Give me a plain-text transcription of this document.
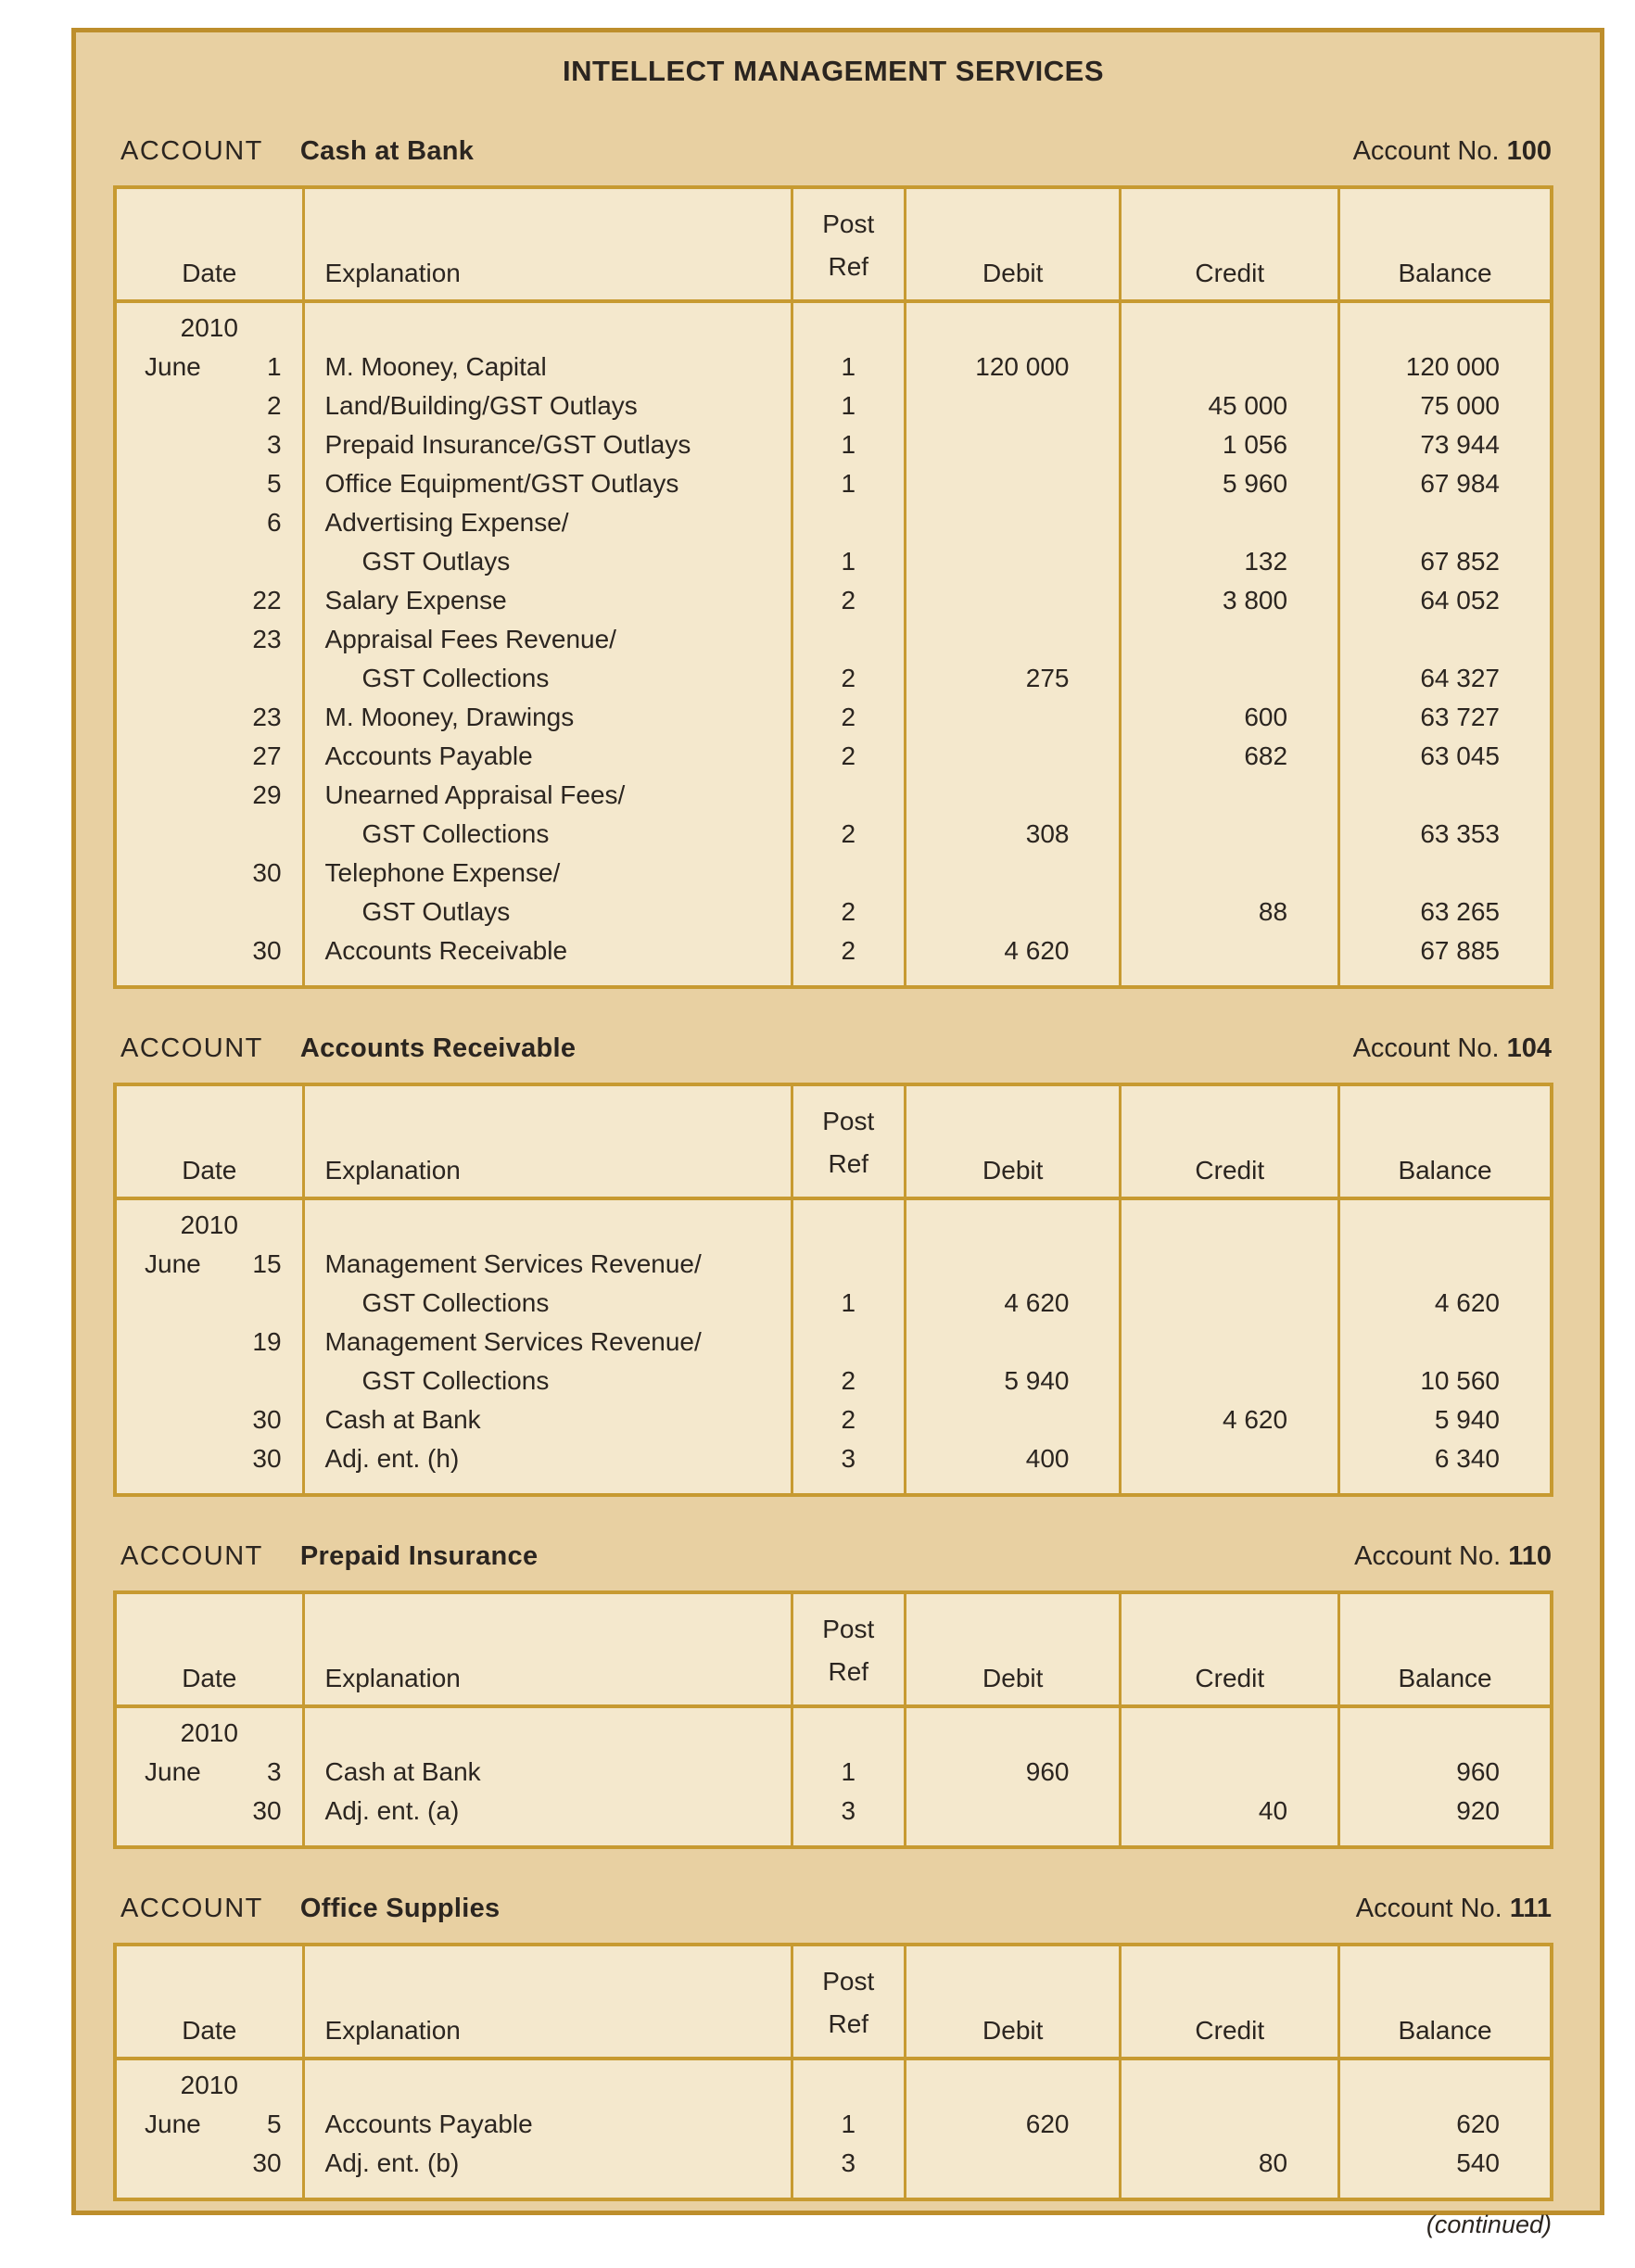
INTELLECT MANAGEMENT SERVICES
ACCOUNT Cash at Bank	Account No. 100
Date	Explanation	Post
Ref	Debit	Credit	Balance
2010					

June 1	M. Mooney, Capital	1	120 000		120 000

2	Land/Building/GST Outlays	1		45 000	75 000

3	Prepaid Insurance/GST Outlays	1		1 056	73 944

5	Office Equipment/GST Outlays	1		5 960	67 984

6	Advertising Expense/				

	GST Outlays	1		132	67 852

22	Salary Expense	2		3 800	64 052

23	Appraisal Fees Revenue/				

	GST Collections	2	275		64 327

23	M. Mooney, Drawings	2		600	63 727

27	Accounts Payable	2		682	63 045

29	Unearned Appraisal Fees/				

	GST Collections	2	308		63 353

30	Telephone Expense/				

	GST Outlays	2		88	63 265

30	Accounts Receivable	2	4 620		67 885
ACCOUNT Accounts Receivable	Account No. 104
Date	Explanation	Post
Ref	Debit	Credit	Balance
2010					

June 15	Management Services Revenue/				

	GST Collections	1	4 620		4 620

19	Management Services Revenue/				

	GST Collections	2	5 940		10 560

30	Cash at Bank	2		4 620	5 940

30	Adj. ent. (h)	3	400		6 340
ACCOUNT Prepaid Insurance	Account No. 110
Date	Explanation	Post
Ref	Debit	Credit	Balance
2010					

June 3	Cash at Bank	1	960		960

30	Adj. ent. (a)	3		40	920
ACCOUNT Office Supplies	Account No. 111
Date	Explanation	Post
Ref	Debit	Credit	Balance
2010					

June 5	Accounts Payable	1	620		620

30	Adj. ent. (b)	3		80	540
(continued)
